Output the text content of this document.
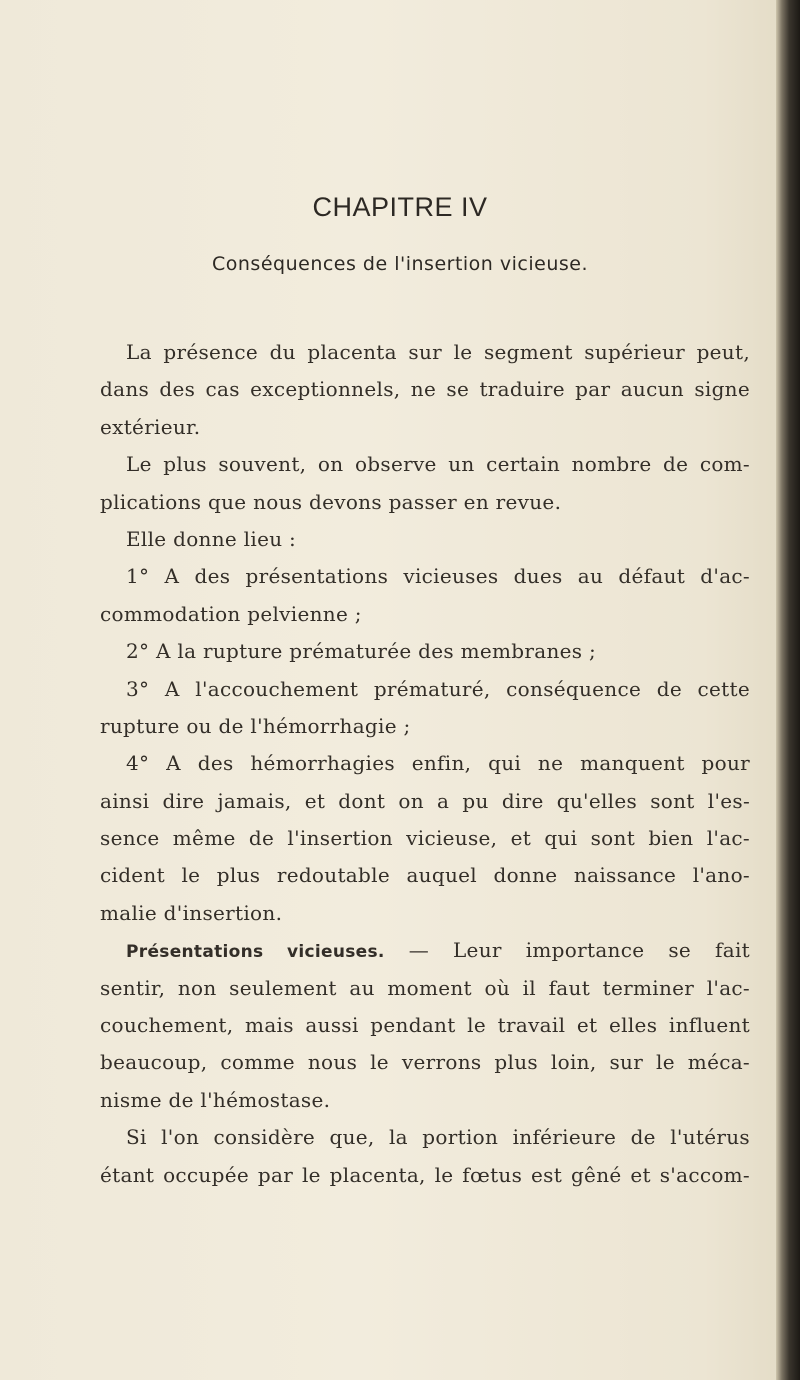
CHAPITRE IV
Conséquences de l'insertion vicieuse.
La présence du placenta sur le segment supérieur peut,
dans des cas exceptionnels, ne se traduire par aucun signe
extérieur.
Le plus souvent, on observe un certain nombre de com-
plications que nous devons passer en revue.
Elle donne lieu :
1° A des présentations vicieuses dues au défaut d'ac-
commodation pelvienne ;
2° A la rupture prématurée des membranes ;
3° A l'accouchement prématuré, conséquence de cette
rupture ou de l'hémorrhagie ;
4° A des hémorrhagies enfin, qui ne manquent pour
ainsi dire jamais, et dont on a pu dire qu'elles sont l'es-
sence même de l'insertion vicieuse, et qui sont bien l'ac-
cident le plus redoutable auquel donne naissance l'ano-
malie d'insertion.
Présentations vicieuses. — Leur importance se fait
sentir, non seulement au moment où il faut terminer l'ac-
couchement, mais aussi pendant le travail et elles influent
beaucoup, comme nous le verrons plus loin, sur le méca-
nisme de l'hémostase.
Si l'on considère que, la portion inférieure de l'utérus
étant occupée par le placenta, le fœtus est gêné et s'accom-
